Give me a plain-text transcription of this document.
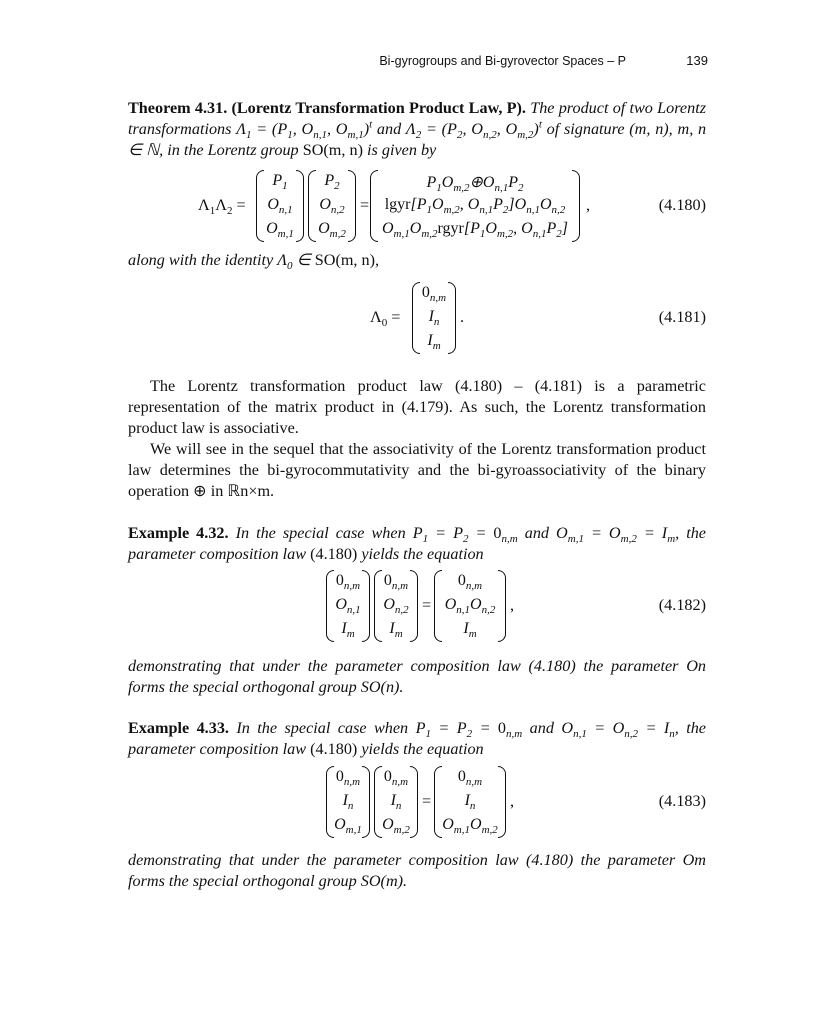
Bi-gyrogroups and Bi-gyrovector Spaces – P	139

Theorem 4.31. (Lorentz Transformation Product Law, P). The product of two Lorentz transformations $\Lambda_1 = (P_1$, $O_{n,1}$, $O_{m,1})^t$ and $\Lambda_2 = (P_2$, $O_{n,2}$, $O_{m,2})^t$ of signature (m, n), m, n ∈ ℕ, in the Lorentz group SO(m, n) is given by

$\Lambda_1\Lambda_2$ =
$P_1$
$O_{n,1}$
$O_{m,1}$
$P_2$
$O_{n,2}$
$O_{m,2}$
=
$P_1O_{m,2}\oplus O_{n,1}P_2$
$lgyr[P_1O_{m,2}$, $O_{n,1}P_2]O_{n,1}O_{n,2}$
$O_{m,1}O_{m,2}rgyr[P_1O_{m,2}$, $O_{n,1}P_2$]
,	(4.180)

along with the identity $\Lambda_0$ ∈ SO(m, n),

$\Lambda_0$ =
$0_{n,m}$
$I_n$
$I_m$
.	(4.181)

The Lorentz transformation product law (4.180) – (4.181) is a parametric representation of the matrix product in (4.179). As such, the Lorentz transformation product law is associative.

We will see in the sequel that the associativity of the Lorentz transformation product law determines the bi-gyrocommutativity and the bi-gyroassociativity of the binary operation ⊕ in ℝn×m.

Example 4.32. In the special case when $P_1 = P_2 = 0_{n,m}$ and $O_{m,1} = O_{m,2} = I_m$, the parameter composition law (4.180) yields the equation

$0_{n,m}$
$O_{n,1}$
$I_m$
$0_{n,m}$
$O_{n,2}$
$I_m$
=
$0_{n,m}$
$O_{n,1}O_{n,2}$
$I_m$
,	(4.182)

demonstrating that under the parameter composition law (4.180) the parameter On forms the special orthogonal group SO(n).

Example 4.33. In the special case when $P_1 = P_2 = 0_{n,m}$ and $O_{n,1} = O_{n,2} = I_n$, the parameter composition law (4.180) yields the equation

$0_{n,m}$
$I_n$
$O_{m,1}$
$0_{n,m}$
$I_n$
$O_{m,2}$
=
$0_{n,m}$
$I_n$
$O_{m,1}O_{m,2}$
,	(4.183)

demonstrating that under the parameter composition law (4.180) the parameter Om forms the special orthogonal group SO(m).
